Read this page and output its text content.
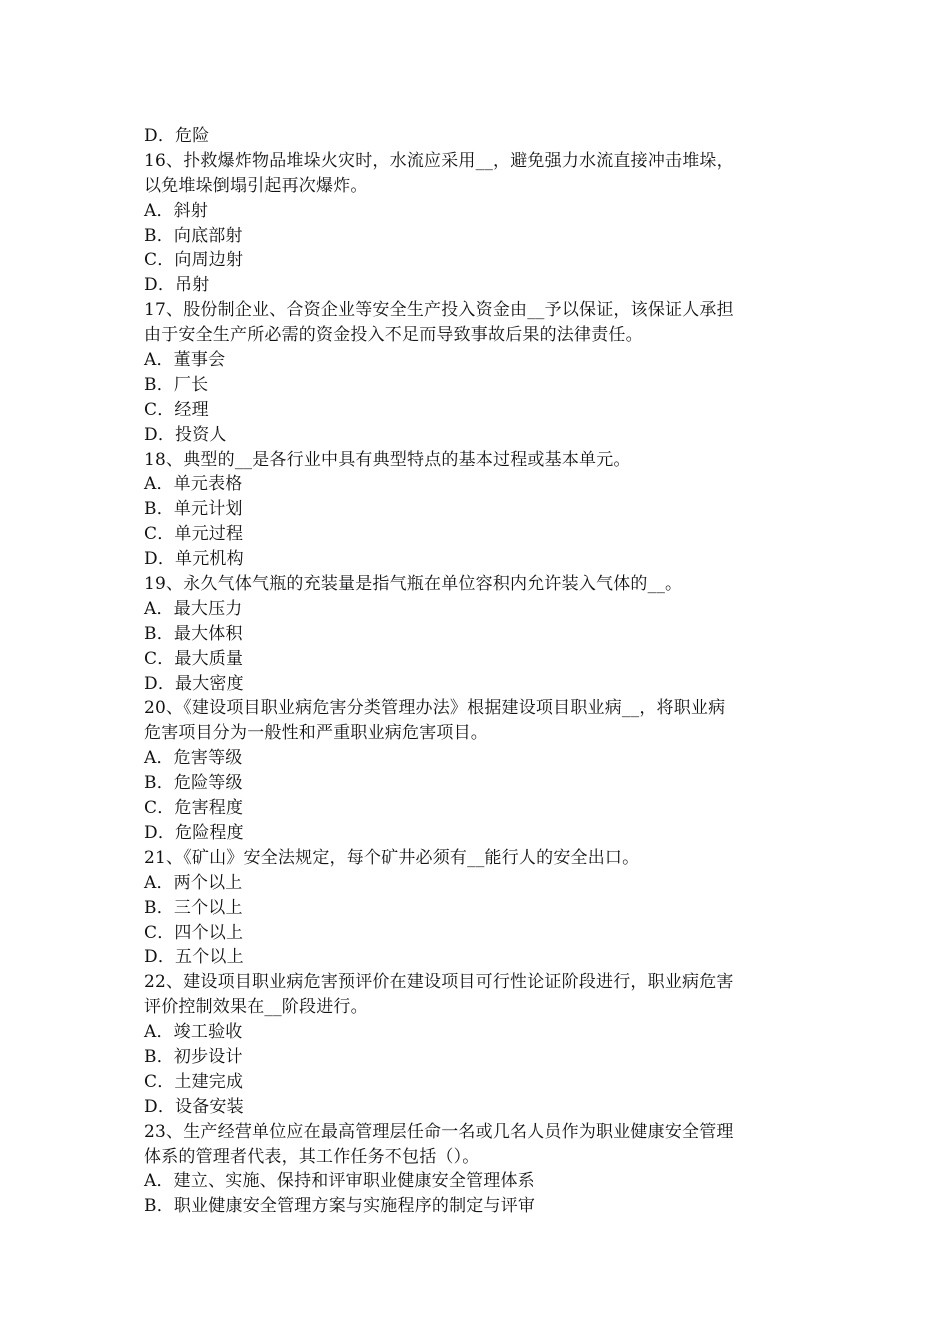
D．危险
16、扑救爆炸物品堆垛火灾时，水流应采用__，避免强力水流直接冲击堆垛，
以免堆垛倒塌引起再次爆炸。
A．斜射
B．向底部射
C．向周边射
D．吊射
17、股份制企业、合资企业等安全生产投入资金由__予以保证，该保证人承担
由于安全生产所必需的资金投入不足而导致事故后果的法律责任。
A．董事会
B．厂长
C．经理
D．投资人
18、典型的__是各行业中具有典型特点的基本过程或基本单元。
A．单元表格
B．单元计划
C．单元过程
D．单元机构
19、永久气体气瓶的充装量是指气瓶在单位容积内允许装入气体的__。
A．最大压力
B．最大体积
C．最大质量
D．最大密度
20、《建设项目职业病危害分类管理办法》根据建设项目职业病__，将职业病
危害项目分为一般性和严重职业病危害项目。
A．危害等级
B．危险等级
C．危害程度
D．危险程度
21、《矿山》安全法规定，每个矿井必须有__能行人的安全出口。
A．两个以上
B．三个以上
C．四个以上
D．五个以上
22、建设项目职业病危害预评价在建设项目可行性论证阶段进行，职业病危害
评价控制效果在__阶段进行。
A．竣工验收
B．初步设计
C．土建完成
D．设备安装
23、生产经营单位应在最高管理层任命一名或几名人员作为职业健康安全管理
体系的管理者代表，其工作任务不包括（）。
A．建立、实施、保持和评审职业健康安全管理体系
B．职业健康安全管理方案与实施程序的制定与评审
